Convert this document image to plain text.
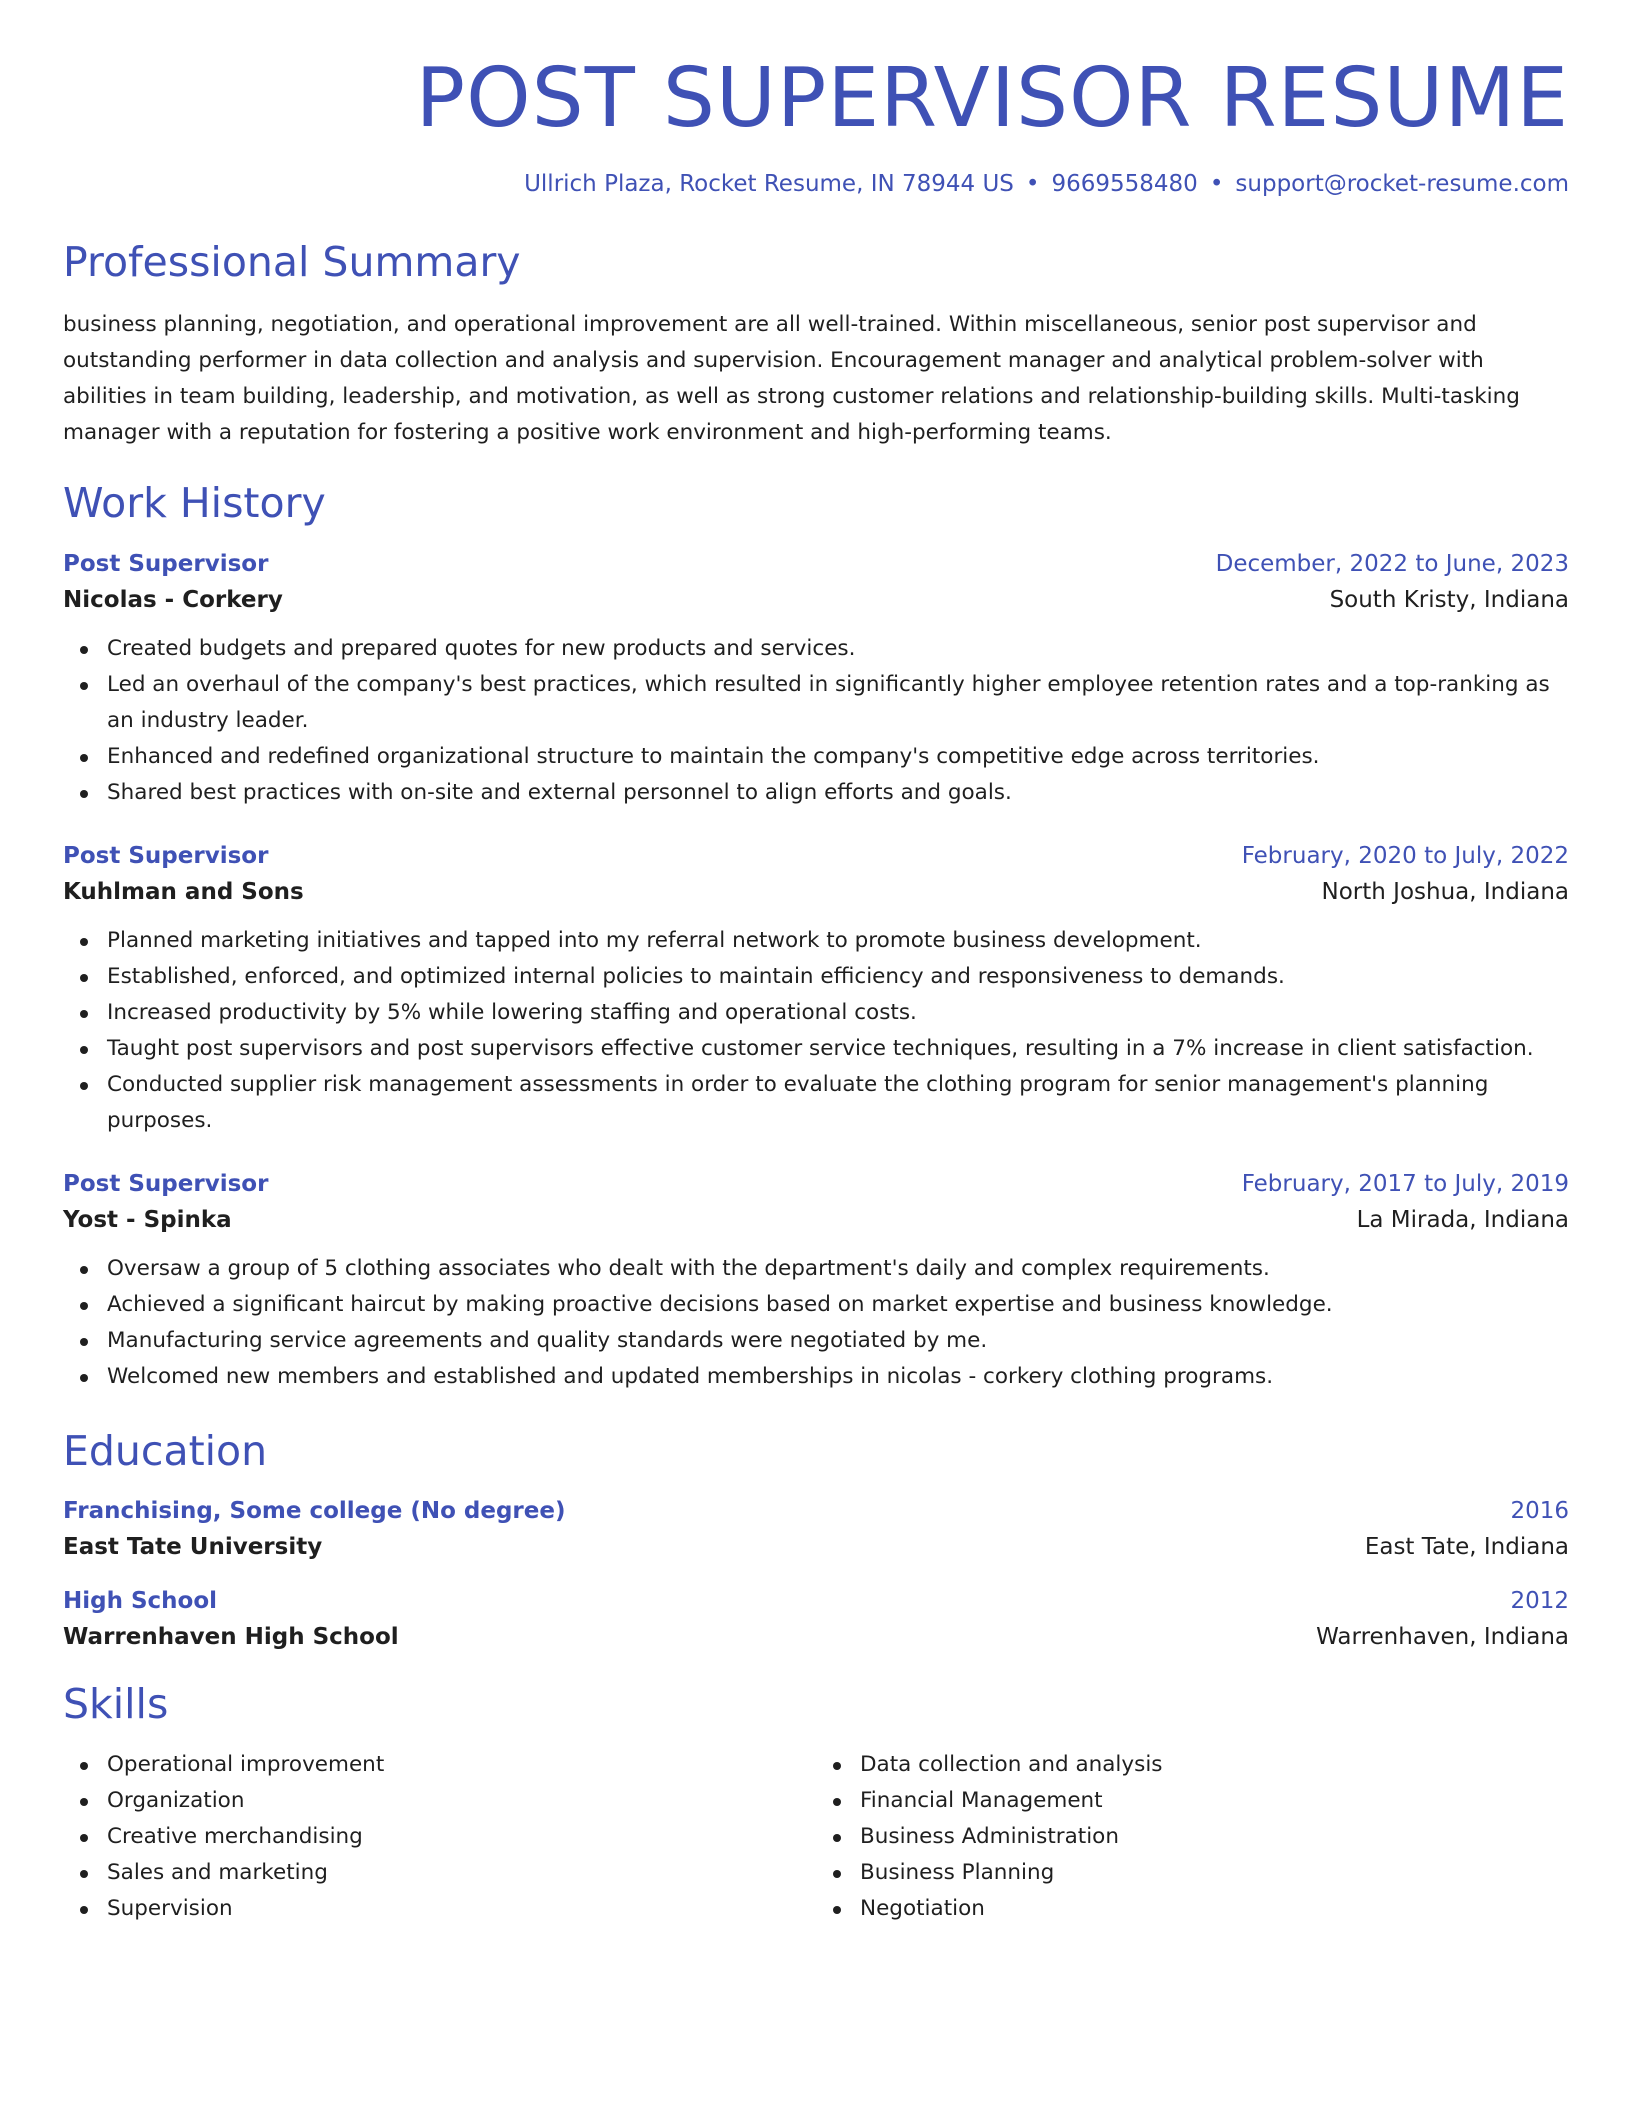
POST SUPERVISOR RESUME
Ullrich Plaza, Rocket Resume, IN 78944 US • 9669558480 • support@rocket-resume.com
Professional Summary
business planning, negotiation, and operational improvement are all well-trained. Within miscellaneous, senior post supervisor and outstanding performer in data collection and analysis and supervision. Encouragement manager and analytical problem-solver with abilities in team building, leadership, and motivation, as well as strong customer relations and relationship-building skills. Multi-tasking manager with a reputation for fostering a positive work environment and high-performing teams.
Work History
Post Supervisor	December, 2022 to June, 2023
Nicolas - Corkery	South Kristy, Indiana
Created budgets and prepared quotes for new products and services.
Led an overhaul of the company's best practices, which resulted in significantly higher employee retention rates and a top-ranking as an industry leader.
Enhanced and redefined organizational structure to maintain the company's competitive edge across territories.
Shared best practices with on-site and external personnel to align efforts and goals.
Post Supervisor	February, 2020 to July, 2022
Kuhlman and Sons	North Joshua, Indiana
Planned marketing initiatives and tapped into my referral network to promote business development.
Established, enforced, and optimized internal policies to maintain efficiency and responsiveness to demands.
Increased productivity by 5% while lowering staffing and operational costs.
Taught post supervisors and post supervisors effective customer service techniques, resulting in a 7% increase in client satisfaction.
Conducted supplier risk management assessments in order to evaluate the clothing program for senior management's planning purposes.
Post Supervisor	February, 2017 to July, 2019
Yost - Spinka	La Mirada, Indiana
Oversaw a group of 5 clothing associates who dealt with the department's daily and complex requirements.
Achieved a significant haircut by making proactive decisions based on market expertise and business knowledge.
Manufacturing service agreements and quality standards were negotiated by me.
Welcomed new members and established and updated memberships in nicolas - corkery clothing programs.
Education
Franchising, Some college (No degree)	2016
East Tate University	East Tate, Indiana
High School	2012
Warrenhaven High School	Warrenhaven, Indiana
Skills
Operational improvement
Organization
Creative merchandising
Sales and marketing
Supervision
Data collection and analysis
Financial Management
Business Administration
Business Planning
Negotiation
